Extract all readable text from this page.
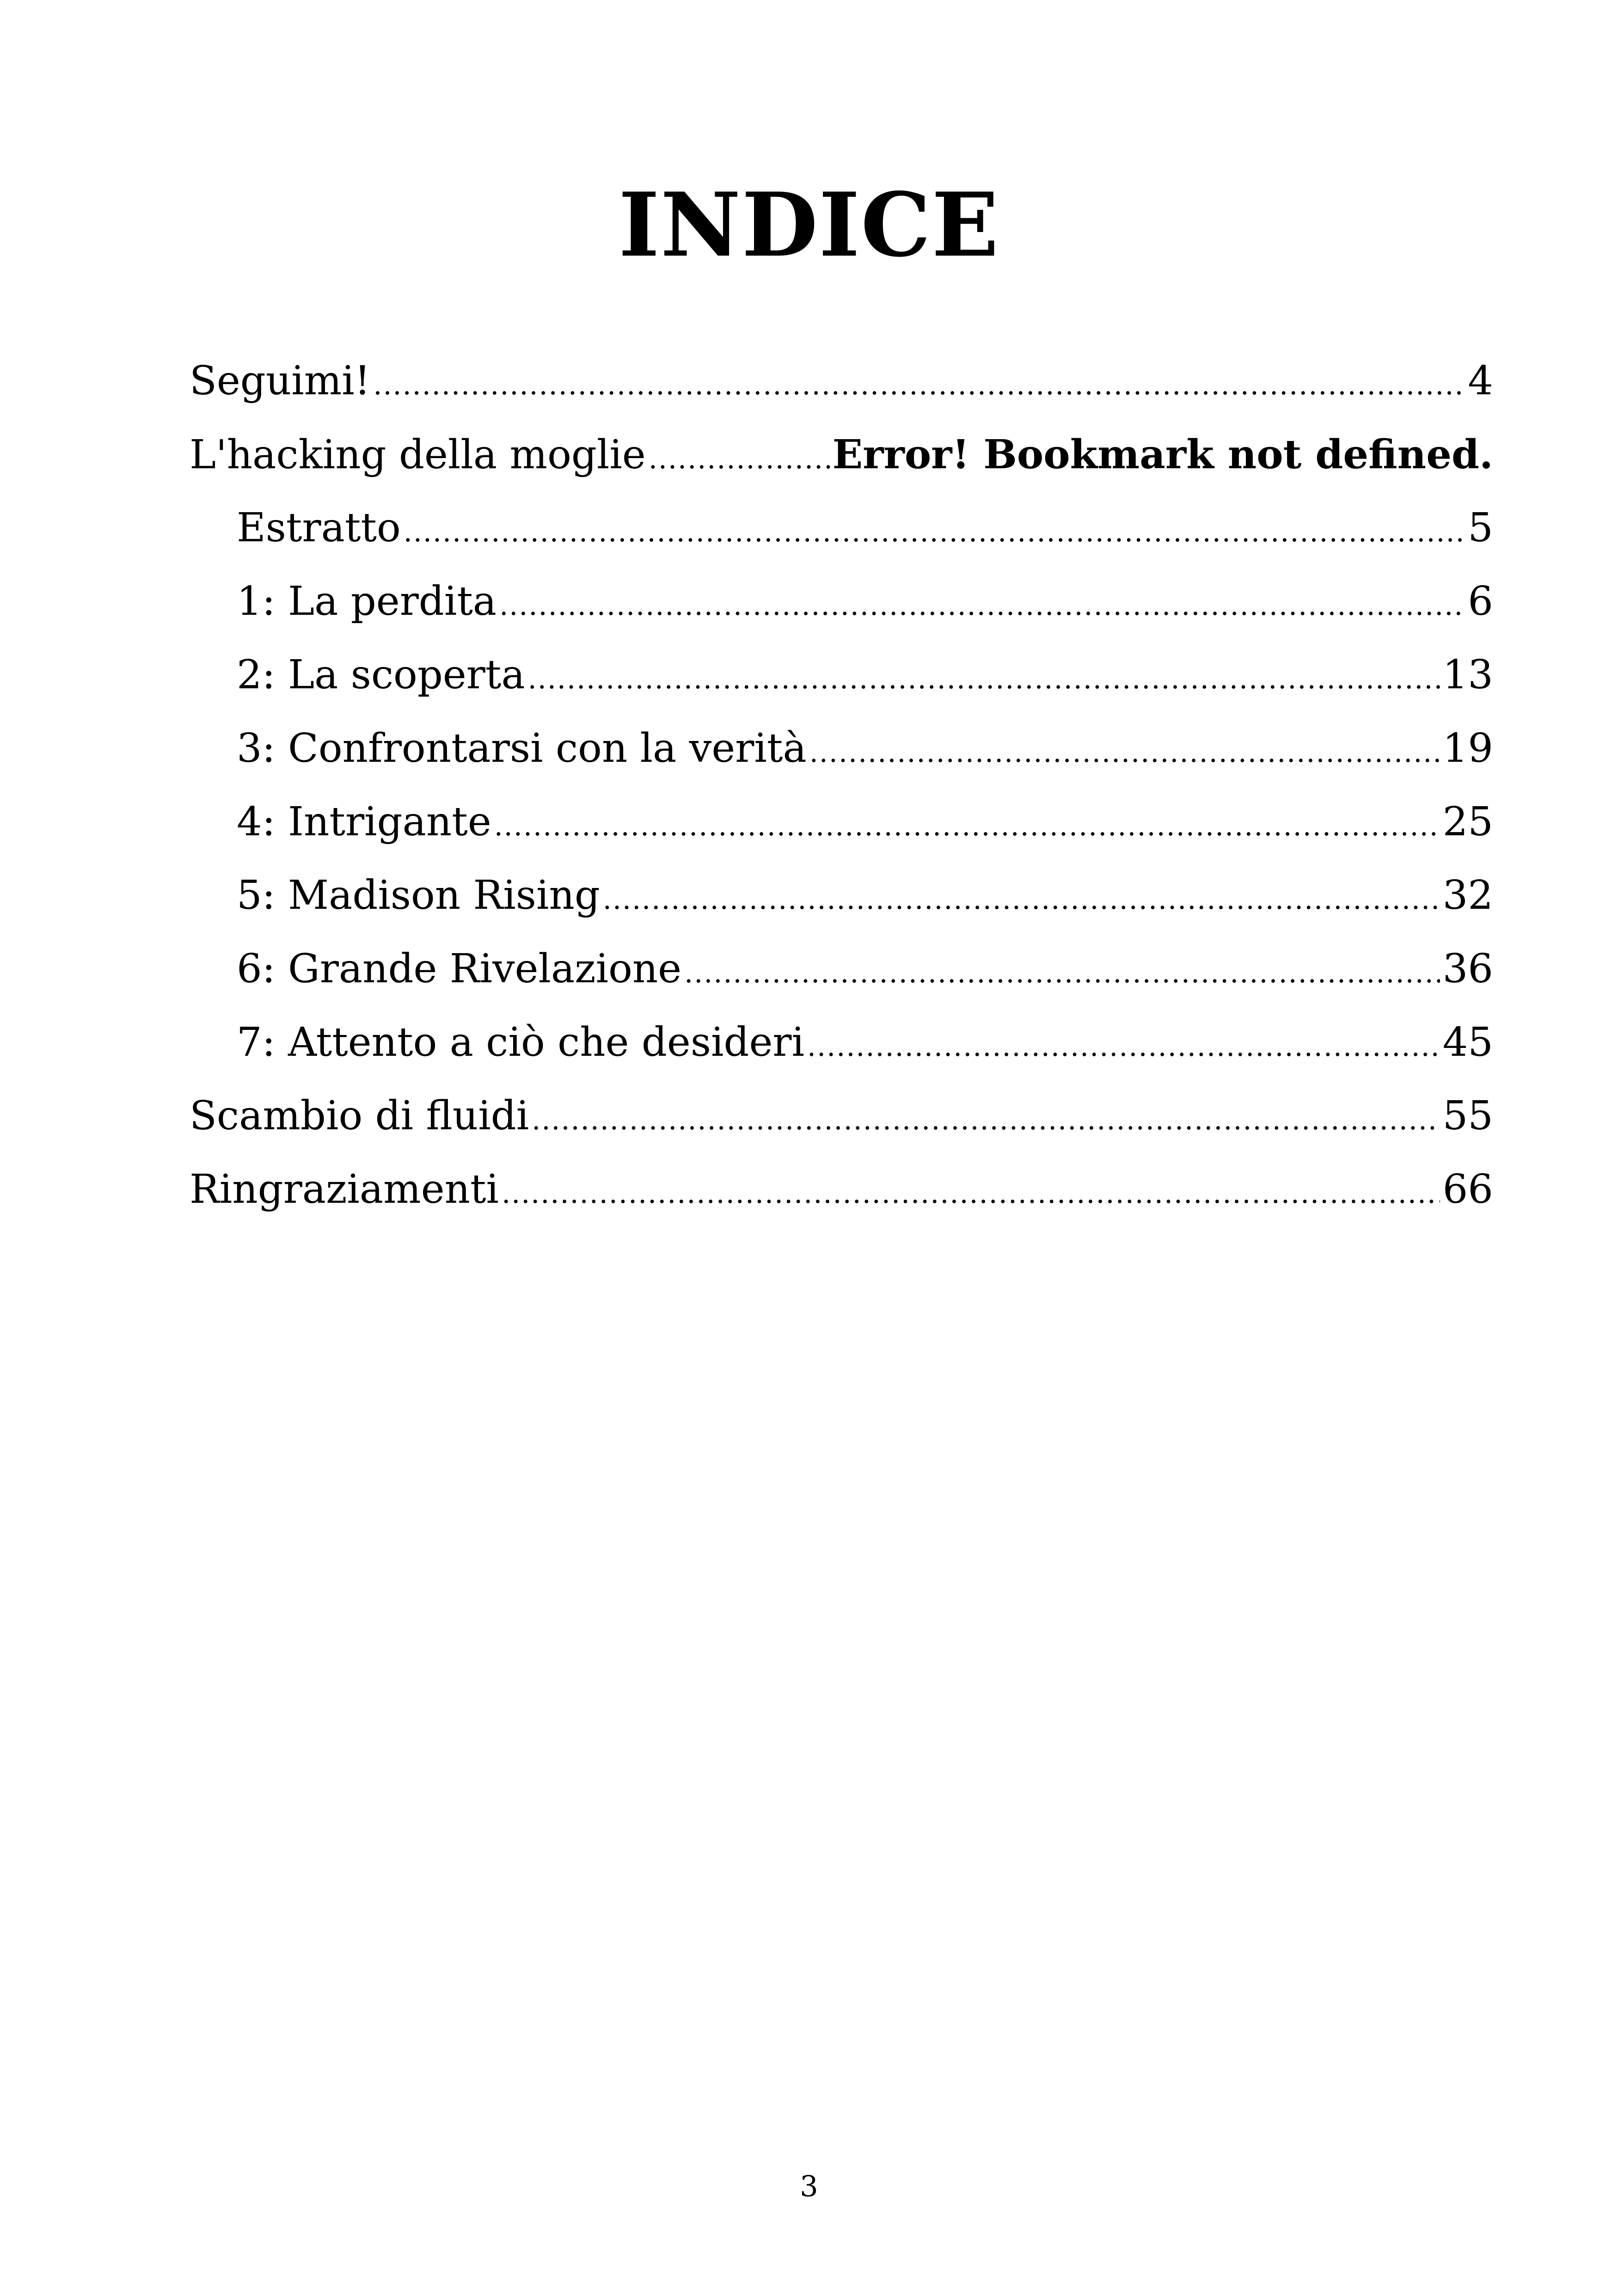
INDICE
Seguimi! .....	4
L'hacking della moglie .....	Error! Bookmark not defined.
Estratto .....	5
1: La perdita .....	6
2: La scoperta .....	13
3: Confrontarsi con la verità .....	19
4: Intrigante .....	25
5: Madison Rising .....	32
6: Grande Rivelazione .....	36
7: Attento a ciò che desideri .....	45
Scambio di fluidi .....	55
Ringraziamenti .....	66
3
